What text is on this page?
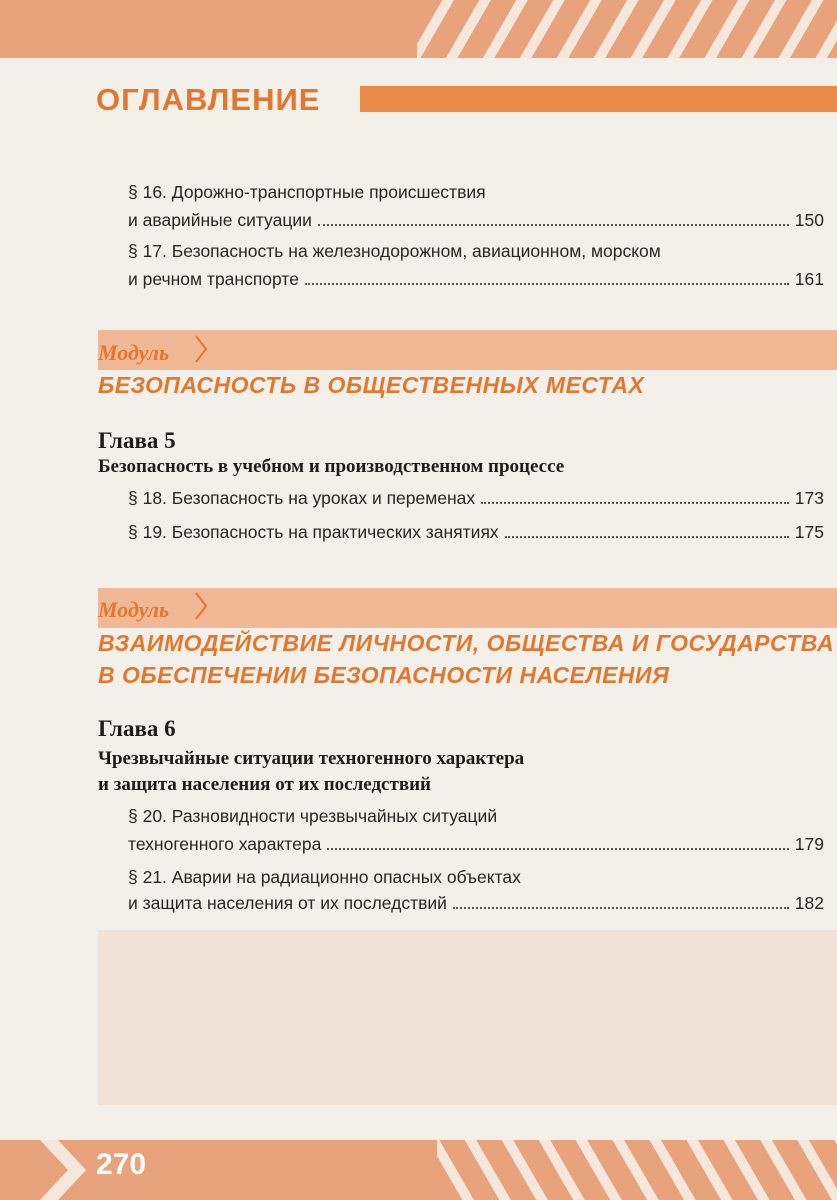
ОГЛАВЛЕНИЕ
§ 16. Дорожно-транспортные происшествия
и аварийные ситуации	150
§ 17. Безопасность на железнодорожном, авиационном, морском
и речном транспорте	161
Модуль
БЕЗОПАСНОСТЬ В ОБЩЕСТВЕННЫХ МЕСТАХ
Глава 5
Безопасность в учебном и производственном процессе
§ 18. Безопасность на уроках и переменах	173
§ 19. Безопасность на практических занятиях	175
Модуль
ВЗАИМОДЕЙСТВИЕ ЛИЧНОСТИ, ОБЩЕСТВА И ГОСУДАРСТВА
В ОБЕСПЕЧЕНИИ БЕЗОПАСНОСТИ НАСЕЛЕНИЯ
Глава 6
Чрезвычайные ситуации техногенного характера
и защита населения от их последствий
§ 20. Разновидности чрезвычайных ситуаций
техногенного характера	179
§ 21. Аварии на радиационно опасных объектах
и защита населения от их последствий	182
270
